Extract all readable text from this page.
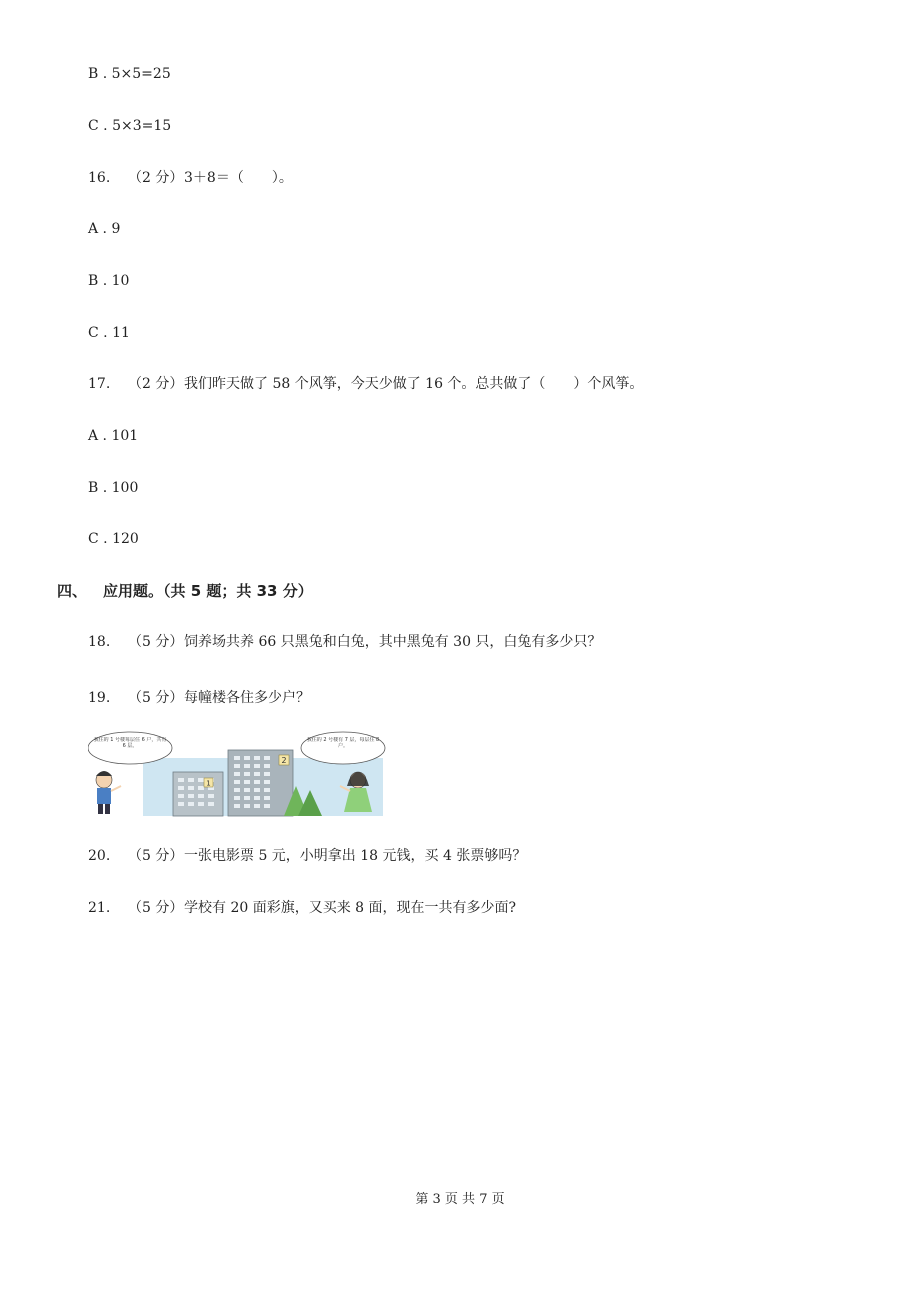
B . 5×5=25
C . 5×3=15
16. （2 分）3＋8＝（　　）。
A . 9
B . 10
C . 11
17. （2 分）我们昨天做了 58 个风筝，今天少做了 16 个。总共做了（　　）个风筝。
A . 101
B . 100
C . 120
四、 应用题。（共 5 题；共 33 分）
18. （5 分）饲养场共养 66 只黑兔和白兔，其中黑兔有 30 只，白兔有多少只？
19. （5 分）每幢楼各住多少户？
1
2
我住的 1 号楼每层住 6 户，共有 6 层。
我住的 2 号楼有 7 层，每层住 8 户。
20. （5 分）一张电影票 5 元，小明拿出 18 元钱，买 4 张票够吗？
21. （5 分）学校有 20 面彩旗，又买来 8 面，现在一共有多少面?
第 3 页 共 7 页
